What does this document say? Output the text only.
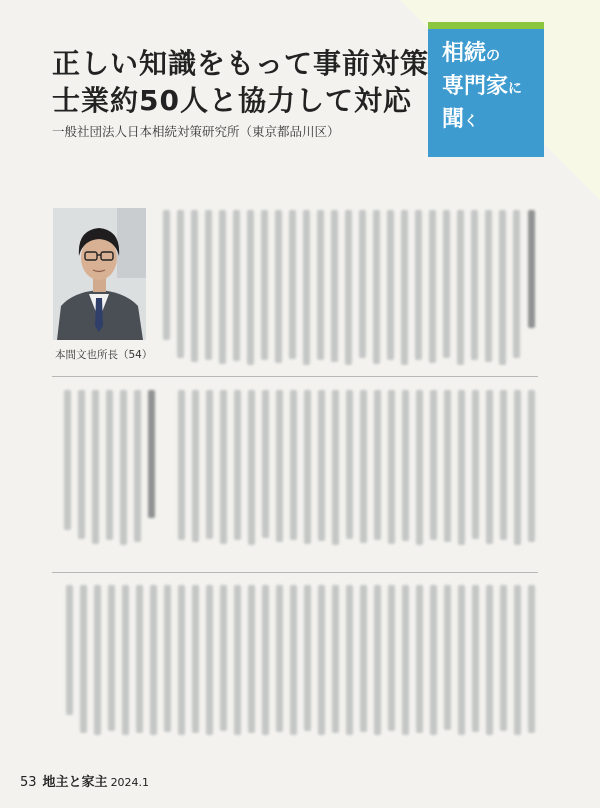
相続の
専門家に
聞く
正しい知識をもって事前対策
士業約50人と協力して対応
一般社団法人日本相続対策研究所（東京都品川区）
本間文也所長（54）
53 地主と家主 2024.1
